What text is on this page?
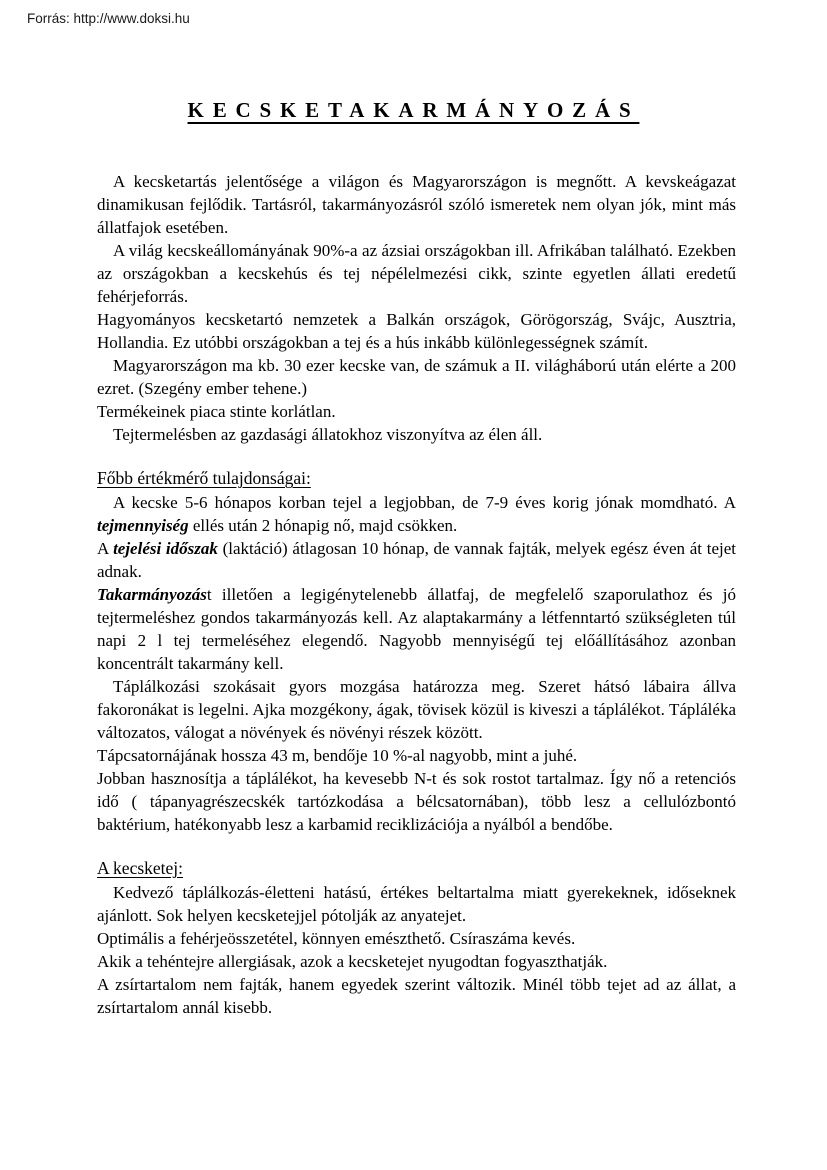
Forrás: http://www.doksi.hu
KECSKETAKARMÁNYOZÁS

A kecsketartás jelentősége a világon és Magyarországon is megnőtt. A kevskeágazat dinamikusan fejlődik. Tartásról, takarmányozásról szóló ismeretek nem olyan jók, mint más állatfajok esetében.

A világ kecskeállományának 90%-a az ázsiai országokban ill. Afrikában található. Ezekben az országokban a kecskehús és tej népélelmezési cikk, szinte egyetlen állati eredetű fehérjeforrás.

Hagyományos kecsketartó nemzetek a Balkán országok, Görögország, Svájc, Ausztria, Hollandia. Ez utóbbi országokban a tej és a hús inkább különlegességnek számít.

Magyarországon ma kb. 30 ezer kecske van, de számuk a II. világháború után elérte a 200 ezret. (Szegény ember tehene.)

Termékeinek piaca stinte korlátlan.

Tejtermelésben az gazdasági állatokhoz viszonyítva az élen áll.

Főbb értékmérő tulajdonságai:

A kecske 5-6 hónapos korban tejel a legjobban, de 7-9 éves korig jónak momdható. A tejmennyiség ellés után 2 hónapig nő, majd csökken.

A tejelési időszak (laktáció) átlagosan 10 hónap, de vannak fajták, melyek egész éven át tejet adnak.

Takarmányozást illetően a legigénytelenebb állatfaj, de megfelelő szaporulathoz és jó tejtermeléshez gondos takarmányozás kell. Az alaptakarmány a létfenntartó szükségleten túl napi 2 l tej termeléséhez elegendő. Nagyobb mennyiségű tej előállításához azonban koncentrált takarmány kell.

Táplálkozási szokásait gyors mozgása határozza meg. Szeret hátsó lábaira állva fakoronákat is legelni. Ajka mozgékony, ágak, tövisek közül is kiveszi a táplálékot. Tápláléka változatos, válogat a növények és növényi részek között.

Tápcsatornájának hossza 43 m, bendője 10 %-al nagyobb, mint a juhé.

Jobban hasznosítja a táplálékot, ha kevesebb N-t és sok rostot tartalmaz. Így nő a retenciós idő ( tápanyagrészecskék tartózkodása a bélcsatornában), több lesz a cellulózbontó baktérium, hatékonyabb lesz a karbamid reciklizációja a nyálból a bendőbe.

A kecsketej:

Kedvező táplálkozás-életteni hatású, értékes beltartalma miatt gyerekeknek, időseknek ajánlott. Sok helyen kecsketejjel pótolják az anyatejet.

Optimális a fehérjeösszetétel, könnyen emészthető. Csíraszáma kevés.

Akik a tehéntejre allergiásak, azok a kecsketejet nyugodtan fogyaszthatják.

A zsírtartalom nem fajták, hanem egyedek szerint változik. Minél több tejet ad az állat, a zsírtartalom annál kisebb.
